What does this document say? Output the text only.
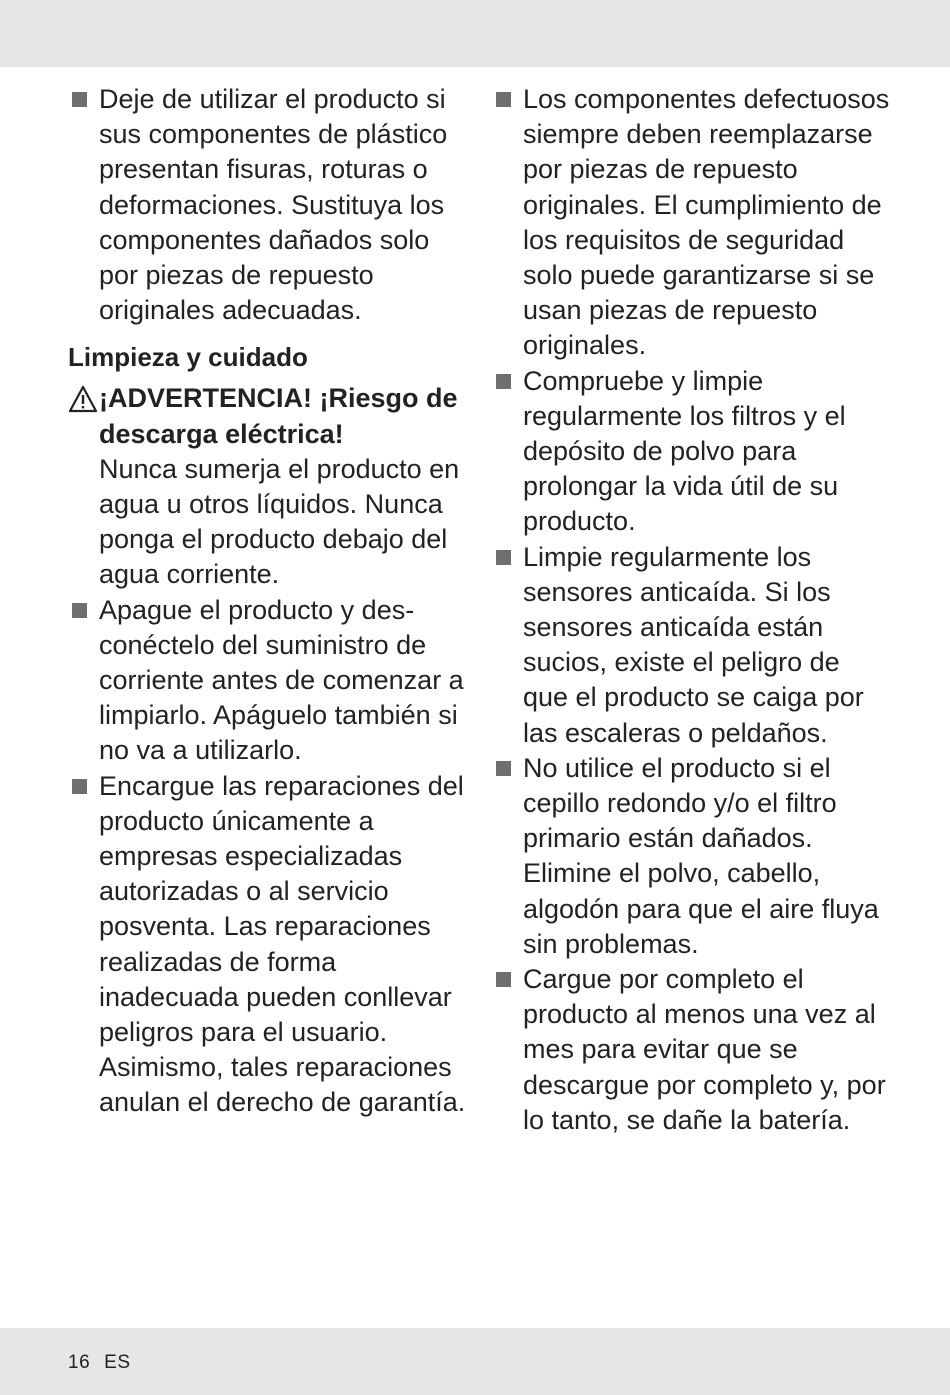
Deje de utilizar el producto si sus componentes de plástico presentan fisuras, roturas o deformaciones. Sustituya los componentes dañados solo por piezas de repuesto originales adecuadas.
Limpieza y cuidado
¡ADVERTENCIA! ¡Riesgo de descarga eléctrica!
Nunca sumerja el producto en agua u otros líquidos. Nunca ponga el producto debajo del agua corriente.
Apague el producto y desconéctelo del suministro de corriente antes de comenzar a limpiarlo. Apáguelo también si no va a utilizarlo.
Encargue las reparaciones del producto únicamente a empresas especializadas autorizadas o al servicio posventa. Las reparaciones realizadas de forma inadecuada pueden conllevar peligros para el usuario. Asimismo, tales reparaciones anulan el derecho de garantía.
Los componentes defectuosos siempre deben reemplazarse por piezas de repuesto originales. El cumplimiento de los requisitos de seguridad solo puede garantizarse si se usan piezas de repuesto originales.
Compruebe y limpie regularmente los filtros y el depósito de polvo para prolongar la vida útil de su producto.
Limpie regularmente los sensores anticaída. Si los sensores anticaída están sucios, existe el peligro de que el producto se caiga por las escaleras o peldaños.
No utilice el producto si el cepillo redondo y/o el filtro primario están dañados. Elimine el polvo, cabello, algodón para que el aire fluya sin problemas.
Cargue por completo el producto al menos una vez al mes para evitar que se descargue por completo y, por lo tanto, se dañe la batería.
16 ES
